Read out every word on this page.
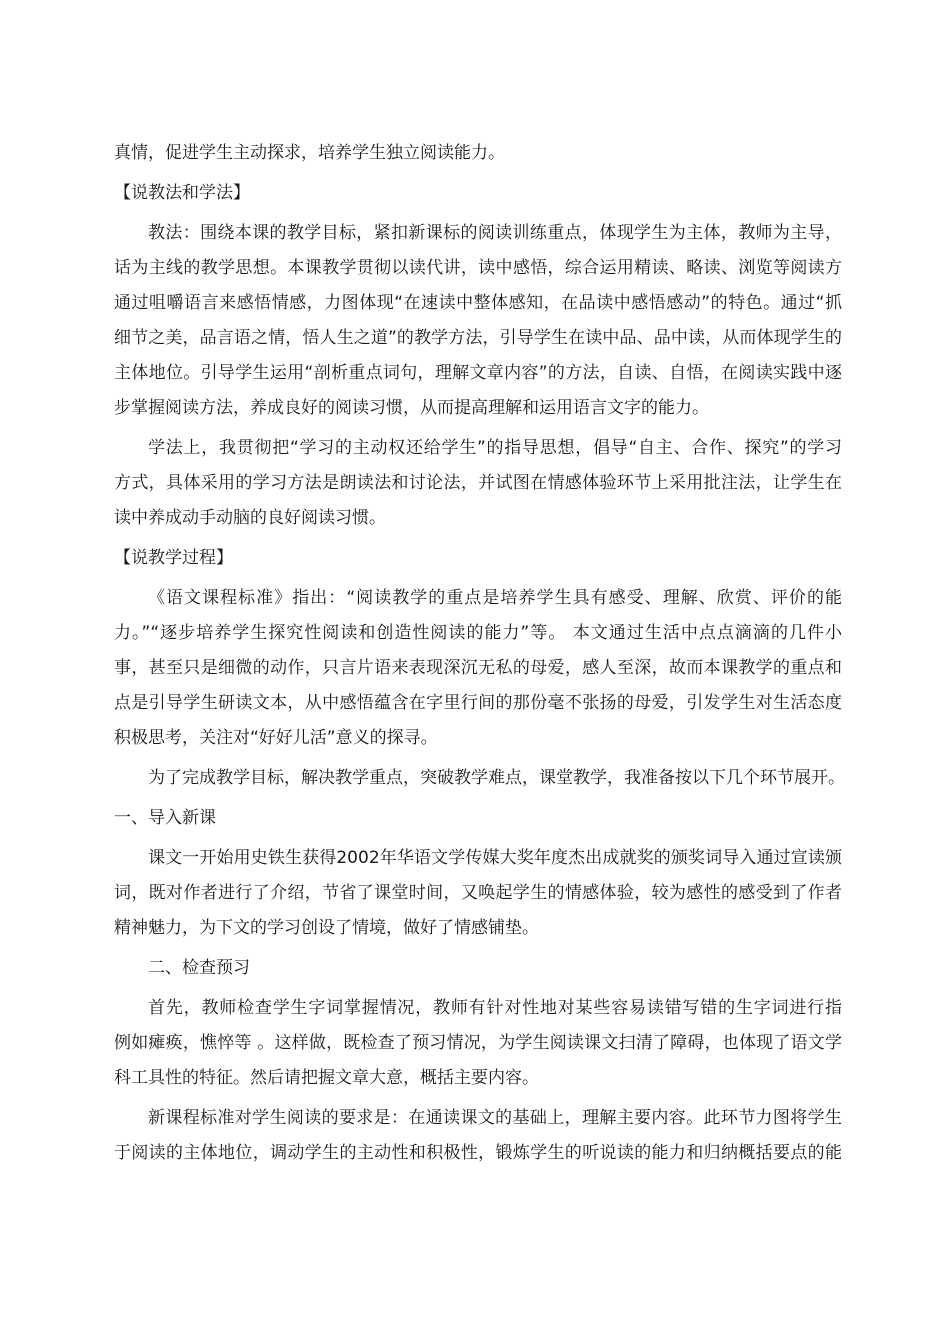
真情，促进学生主动探求，培养学生独立阅读能力。
【说教法和学法】
教法：围绕本课的教学目标，紧扣新课标的阅读训练重点，体现学生为主体，教师为主导，
话为主线的教学思想。本课教学贯彻以读代讲，读中感悟，综合运用精读、略读、浏览等阅读方
通过咀嚼语言来感悟情感，力图体现“在速读中整体感知，在品读中感悟感动”的特色。通过“抓
细节之美，品言语之情，悟人生之道”的教学方法，引导学生在读中品、品中读，从而体现学生的
主体地位。引导学生运用“剖析重点词句，理解文章内容”的方法，自读、自悟，在阅读实践中逐
步掌握阅读方法，养成良好的阅读习惯，从而提高理解和运用语言文字的能力。
学法上，我贯彻把“学习的主动权还给学生”的指导思想，倡导“自主、合作、探究”的学习
方式，具体采用的学习方法是朗读法和讨论法，并试图在情感体验环节上采用批注法，让学生在
读中养成动手动脑的良好阅读习惯。
【说教学过程】
《语文课程标准》指出：“阅读教学的重点是培养学生具有感受、理解、欣赏、评价的能
力。”“逐步培养学生探究性阅读和创造性阅读的能力”等。 本文通过生活中点点滴滴的几件小
事，甚至只是细微的动作，只言片语来表现深沉无私的母爱，感人至深，故而本课教学的重点和
点是引导学生研读文本，从中感悟蕴含在字里行间的那份毫不张扬的母爱，引发学生对生活态度
积极思考，关注对“好好儿活”意义的探寻。
为了完成教学目标，解决教学重点，突破教学难点，课堂教学，我准备按以下几个环节展开。
一、导入新课
课文一开始用史铁生获得2002年华语文学传媒大奖年度杰出成就奖的颁奖词导入通过宣读颁
词，既对作者进行了介绍，节省了课堂时间，又唤起学生的情感体验，较为感性的感受到了作者
精神魅力，为下文的学习创设了情境，做好了情感铺垫。
二、检查预习
首先，教师检查学生字词掌握情况，教师有针对性地对某些容易读错写错的生字词进行指
例如瘫痪，憔悴等 。这样做，既检查了预习情况，为学生阅读课文扫清了障碍，也体现了语文学
科工具性的特征。然后请把握文章大意，概括主要内容。
新课程标准对学生阅读的要求是：在通读课文的基础上，理解主要内容。此环节力图将学生
于阅读的主体地位，调动学生的主动性和积极性，锻炼学生的听说读的能力和归纳概括要点的能
